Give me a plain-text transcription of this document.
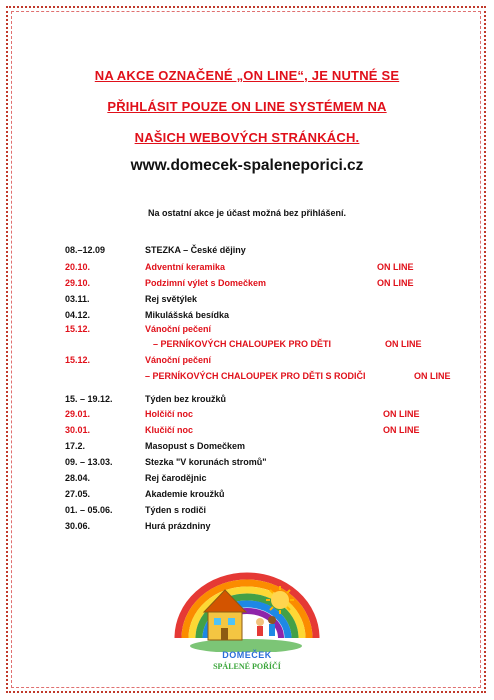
NA AKCE OZNAČENÉ „ON LINE“, JE NUTNÉ SE
PŘIHLÁSIT POUZE ON LINE SYSTÉMEM NA
NAŠICH WEBOVÝCH STRÁNKÁCH.
www.domecek-spaleneporici.cz
Na ostatní akce je účast možná bez přihlášení.
08.–12.09	STEZKA – České dějiny
20.10.	Adventní keramika	ON LINE
29.10.	Podzimní výlet s Domečkem	ON LINE
03.11.	Rej světýlek
04.12.	Mikulášská besídka
15.12.	Vánoční pečení
– PERNÍKOVÝCH CHALOUPEK PRO DĚTI	ON LINE
15.12.	Vánoční pečení
– PERNÍKOVÝCH CHALOUPEK PRO DĚTI S RODIČI	ON LINE
15. – 19.12.	Týden bez kroužků
29.01.	Holčičí noc	ON LINE
30.01.	Klučičí noc	ON LINE
17.2.	Masopust s Domečkem
09. – 13.03.	Stezka "V korunách stromů"
28.04.	Rej čarodějnic
27.05.	Akademie kroužků
01. – 05.06.	Týden s rodiči
30.06.	Hurá prázdniny
DOMEČEK
SPÁLENÉ POŘÍČÍ
